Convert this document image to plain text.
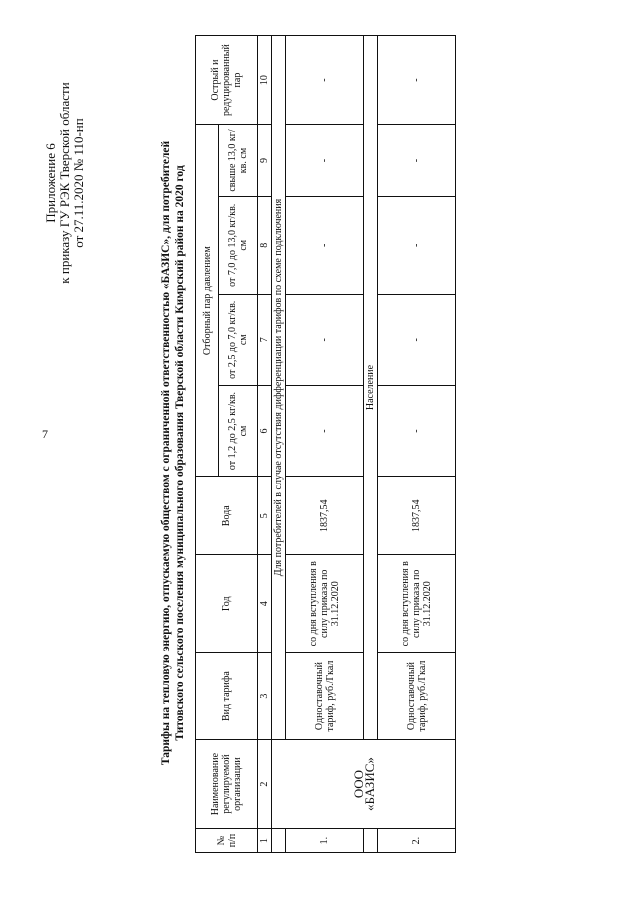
7
Приложение 6 к приказу ГУ РЭК Тверской области от 27.11.2020 № 110-нп	Тарифы на тепловую энергию, отпускаемую обществом с ограниченной ответственностью «БАЗИС», для потребителей Титовского сельского поселения муниципального образования Тверской области Кимрский район на 2020 год
№ п/п	Наименование регулируемой организации	Вид тарифа	Год	Вода	Отборный пар давлением				Острый и редуцированный пар
					от 1,2 до 2,5 кг/кв. см	от 2,5 до 7,0 кг/кв. см	от 7,0 до 13,0 кг/кв. см	свыше 13,0 кг/кв. см	
1	2	3	4	5	6	7	8	9	10
	ООО «БАЗИС»	Для потребителей в случае отсутствия дифференциации тарифов по схеме подключения							
1.		Одноставочный тариф, руб./Гкал	со дня вступления в силу приказа по 31.12.2020	1837,54	-	-	-	-	-
		Население							
2.		Одноставочный тариф, руб./Гкал	со дня вступления в силу приказа по 31.12.2020	1837,54	-	-	-	-	-
